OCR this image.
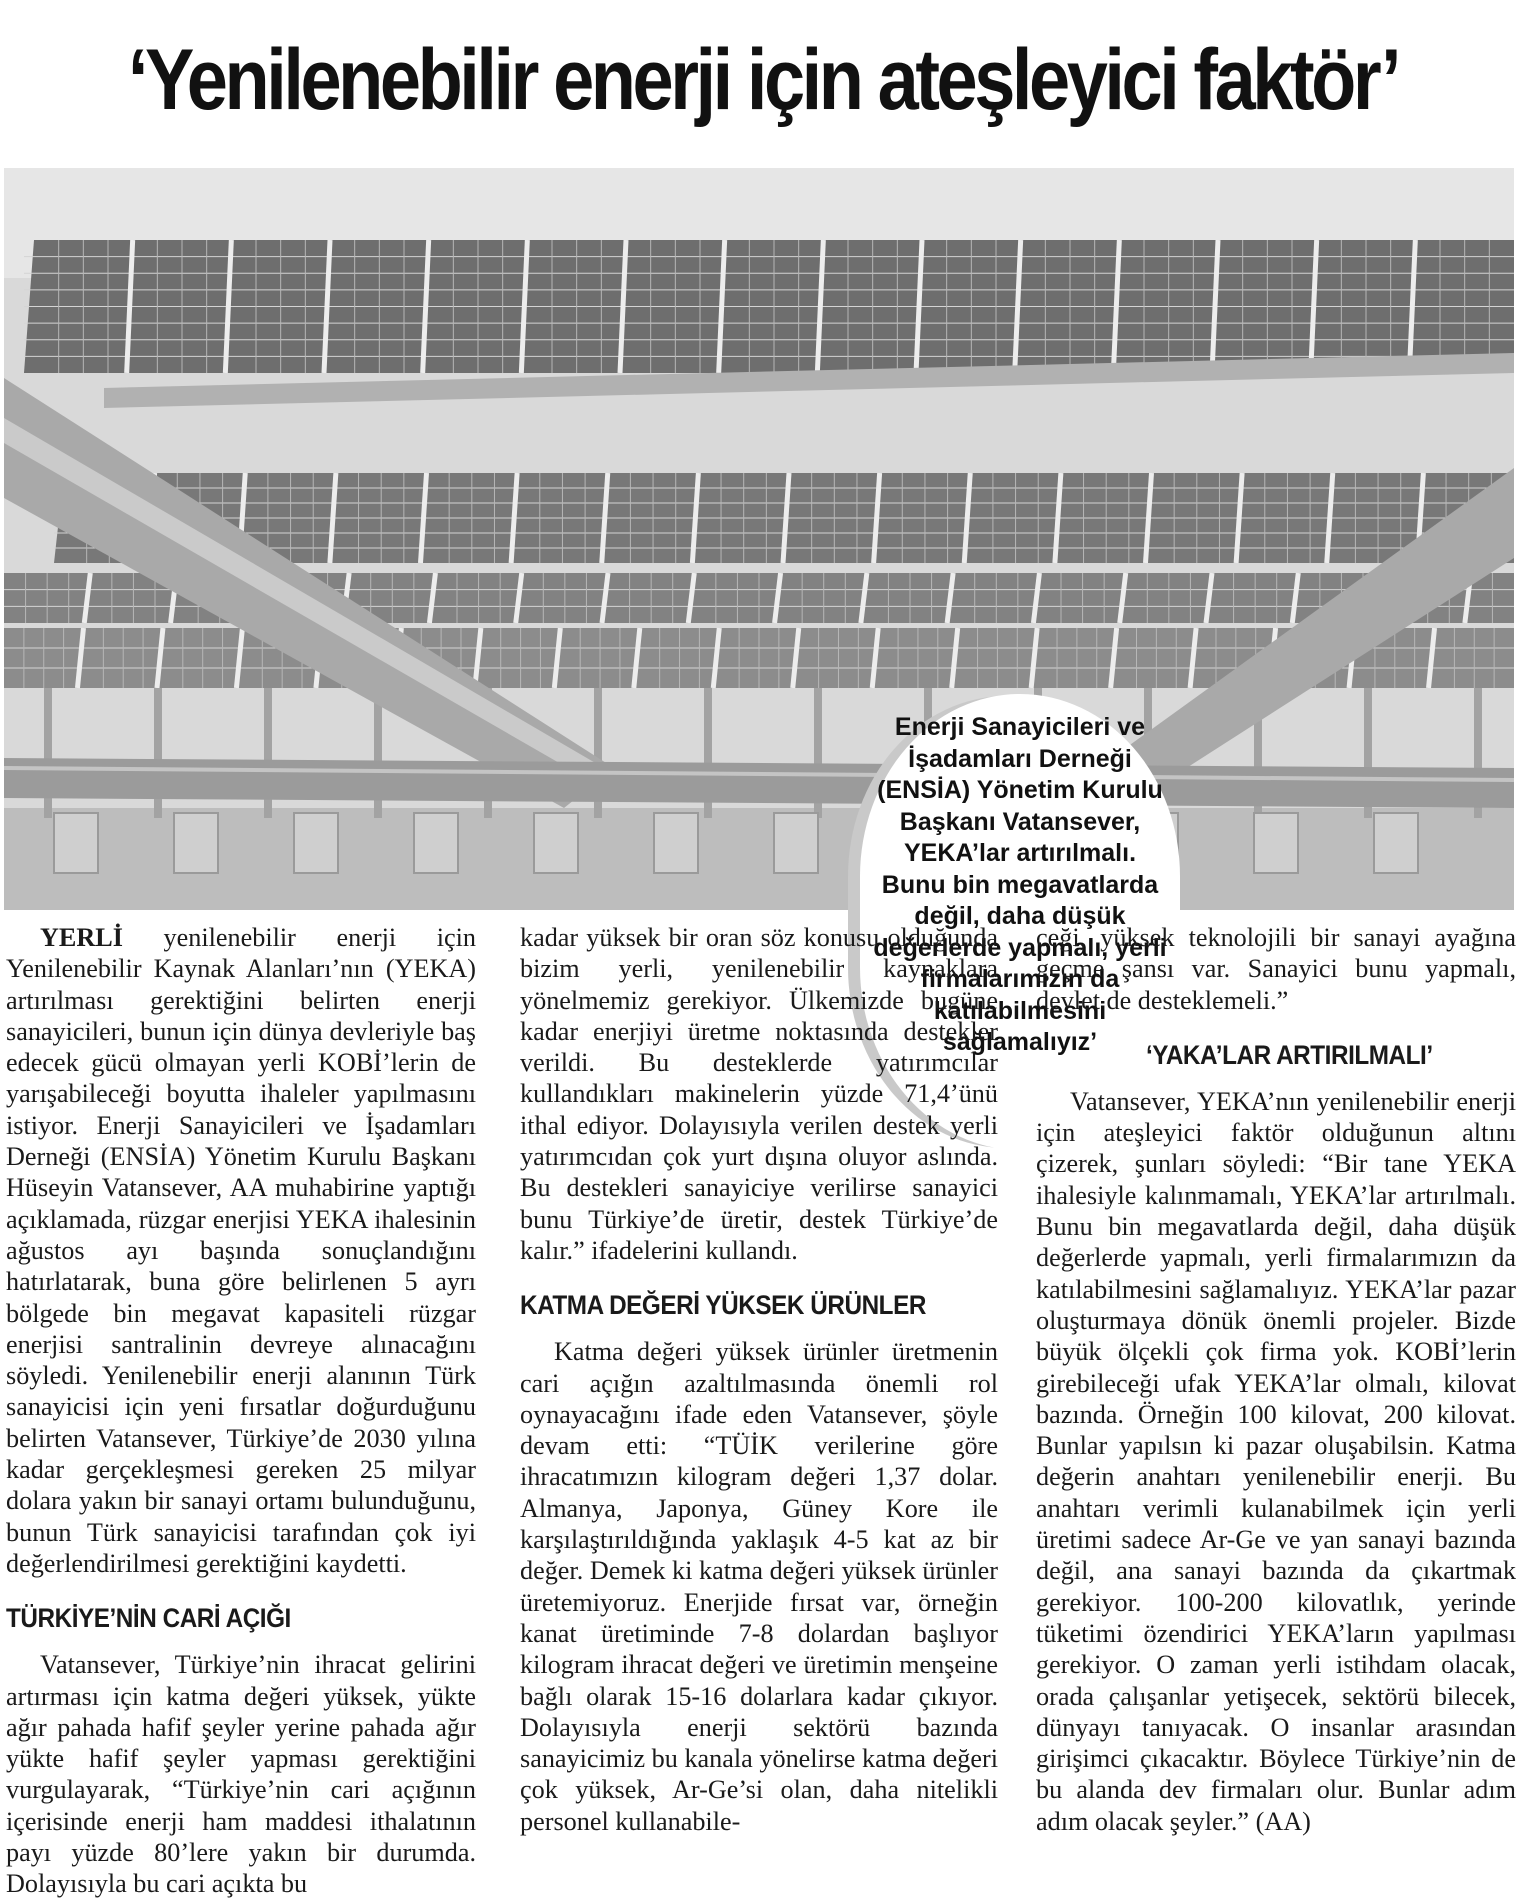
‘Yenilenebilir enerji için ateşleyici faktör’
Enerji Sanayicileri ve İşadamları Derneği (ENSİA) Yönetim Kurulu Başkanı Vatansever, YEKA’lar artırılmalı. Bunu bin megavatlarda değil, daha düşük değerlerde yapmalı, yerli firmalarımızın da katılabilmesini sağlamalıyız’

YERLİ yenilenebilir enerji için Yenilenebilir Kaynak Alanları’nın (YEKA) artırılması gerektiğini belirten enerji sanayicileri, bunun için dünya devleriyle baş edecek gücü olmayan yerli KOBİ’lerin de yarışabileceği boyutta ihaleler yapılmasını istiyor. Enerji Sanayicileri ve İşadamları Derneği (ENSİA) Yönetim Kurulu Başkanı Hüseyin Vatansever, AA muhabirine yaptığı açıklamada, rüzgar enerjisi YEKA ihalesinin ağustos ayı başında sonuçlandığını hatırlatarak, buna göre belirlenen 5 ayrı bölgede bin megavat kapasiteli rüzgar enerjisi santralinin devreye alınacağını söyledi. Yenilenebilir enerji alanının Türk sanayicisi için yeni fırsatlar doğurduğunu belirten Vatansever, Türkiye’de 2030 yılına kadar gerçekleşmesi gereken 25 milyar dolara yakın bir sanayi ortamı bulunduğunu, bunun Türk sanayicisi tarafından çok iyi değerlendirilmesi gerektiğini kaydetti.

TÜRKİYE’NİN CARİ AÇIĞI

Vatansever, Türkiye’nin ihracat gelirini artırması için katma değeri yüksek, yükte ağır pahada hafif şeyler yerine pahada ağır yükte hafif şeyler yapması gerektiğini vurgulayarak, “Türkiye’nin cari açığının içerisinde enerji ham maddesi ithalatının payı yüzde 80’lere yakın bir durumda. Dolayısıyla bu cari açıkta bu

kadar yüksek bir oran söz konusu olduğunda bizim yerli, yenilenebilir kaynaklara yönelmemiz gerekiyor. Ülkemizde bugüne kadar enerjiyi üretme noktasında destekler verildi. Bu desteklerde yatırımcılar kullandıkları makinelerin yüzde 71,4’ünü ithal ediyor. Dolayısıyla verilen destek yerli yatırımcıdan çok yurt dışına oluyor aslında. Bu destekleri sanayiciye verilirse sanayici bunu Türkiye’de üretir, destek Türkiye’de kalır.” ifadelerini kullandı.

KATMA DEĞERİ YÜKSEK ÜRÜNLER

Katma değeri yüksek ürünler üretmenin cari açığın azaltılmasında önemli rol oynayacağını ifade eden Vatansever, şöyle devam etti: “TÜİK verilerine göre ihracatımızın kilogram değeri 1,37 dolar. Almanya, Japonya, Güney Kore ile karşılaştırıldığında yaklaşık 4-5 kat az bir değer. Demek ki katma değeri yüksek ürünler üretemiyoruz. Enerjide fırsat var, örneğin kanat üretiminde 7-8 dolardan başlıyor kilogram ihracat değeri ve üretimin menşeine bağlı olarak 15-16 dolarlara kadar çıkıyor. Dolayısıyla enerji sektörü bazında sanayicimiz bu kanala yönelirse katma değeri çok yüksek, Ar-Ge’si olan, daha nitelikli personel kullanabile-

ceği, yüksek teknolojili bir sanayi ayağına geçme şansı var. Sanayici bunu yapmalı, devlet de desteklemeli.”

‘YAKA’LAR ARTIRILMALI’

Vatansever, YEKA’nın yenilenebilir enerji için ateşleyici faktör olduğunun altını çizerek, şunları söyledi: “Bir tane YEKA ihalesiyle kalınmamalı, YEKA’lar artırılmalı. Bunu bin megavatlarda değil, daha düşük değerlerde yapmalı, yerli firmalarımızın da katılabilmesini sağlamalıyız. YEKA’lar pazar oluşturmaya dönük önemli projeler. Bizde büyük ölçekli çok firma yok. KOBİ’lerin girebileceği ufak YEKA’lar olmalı, kilovat bazında. Örneğin 100 kilovat, 200 kilovat. Bunlar yapılsın ki pazar oluşabilsin. Katma değerin anahtarı yenilenebilir enerji. Bu anahtarı verimli kulanabilmek için yerli üretimi sadece Ar-Ge ve yan sanayi bazında değil, ana sanayi bazında da çıkartmak gerekiyor. 100-200 kilovatlık, yerinde tüketimi özendirici YEKA’ların yapılması gerekiyor. O zaman yerli istihdam olacak, orada çalışanlar yetişecek, sektörü bilecek, dünyayı tanıyacak. O insanlar arasından girişimci çıkacaktır. Böylece Türkiye’nin de bu alanda dev firmaları olur. Bunlar adım adım olacak şeyler.” (AA)
